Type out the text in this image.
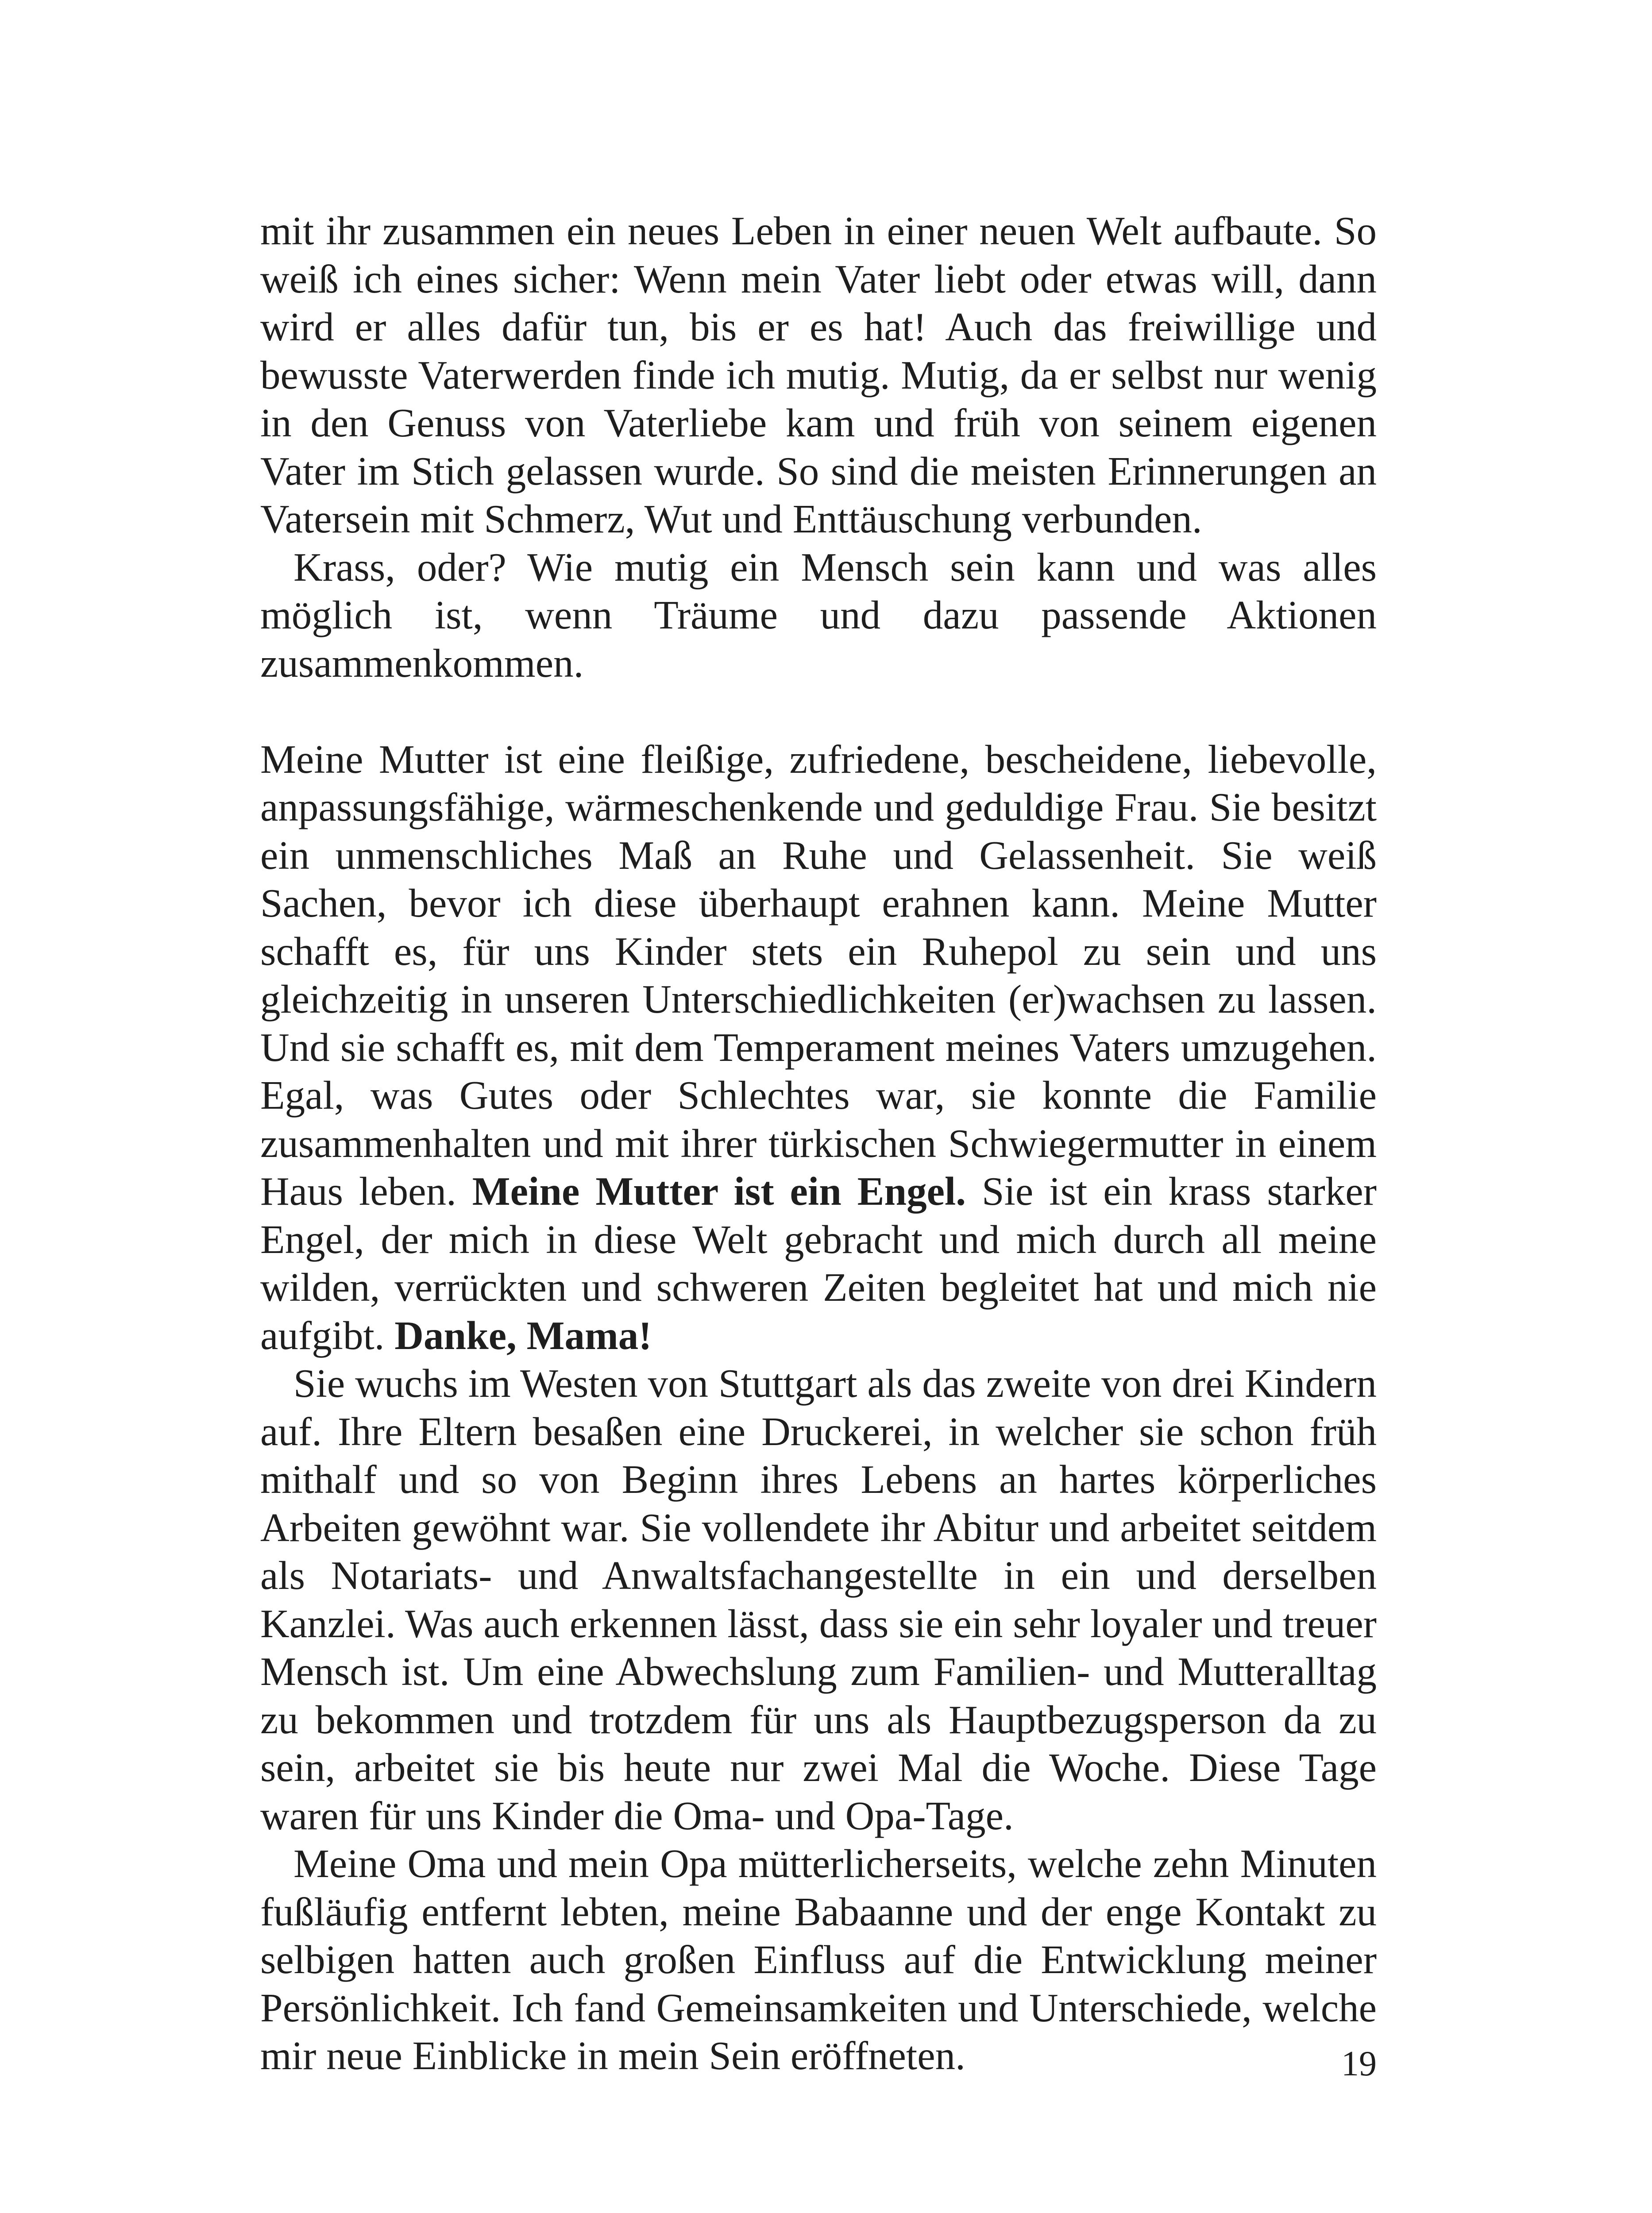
mit ihr zusammen ein neues Leben in einer neuen Welt aufbaute. So weiß ich eines sicher: Wenn mein Vater liebt oder etwas will, dann wird er alles dafür tun, bis er es hat! Auch das freiwillige und bewusste Vaterwerden finde ich mutig. Mutig, da er selbst nur wenig in den Genuss von Vaterliebe kam und früh von seinem eigenen Vater im Stich gelassen wurde. So sind die meisten Erinnerungen an Vatersein mit Schmerz, Wut und Enttäuschung verbunden.

Krass, oder? Wie mutig ein Mensch sein kann und was alles möglich ist, wenn Träume und dazu passende Aktionen zusammenkommen.

Meine Mutter ist eine fleißige, zufriedene, bescheidene, liebevolle, anpassungsfähige, wärmeschenkende und geduldige Frau. Sie besitzt ein unmenschliches Maß an Ruhe und Gelassenheit. Sie weiß Sachen, bevor ich diese überhaupt erahnen kann. Meine Mutter schafft es, für uns Kinder stets ein Ruhepol zu sein und uns gleichzeitig in unseren Unterschiedlichkeiten (er)wachsen zu lassen. Und sie schafft es, mit dem Temperament meines Vaters umzugehen. Egal, was Gutes oder Schlechtes war, sie konnte die Familie zusammenhalten und mit ihrer türkischen Schwiegermutter in einem Haus leben. Meine Mutter ist ein Engel. Sie ist ein krass starker Engel, der mich in diese Welt gebracht und mich durch all meine wilden, verrückten und schweren Zeiten begleitet hat und mich nie aufgibt. Danke, Mama!

Sie wuchs im Westen von Stuttgart als das zweite von drei Kindern auf. Ihre Eltern besaßen eine Druckerei, in welcher sie schon früh mithalf und so von Beginn ihres Lebens an hartes körperliches Arbeiten gewöhnt war. Sie vollendete ihr Abitur und arbeitet seitdem als Notariats- und Anwaltsfachangestellte in ein und derselben Kanzlei. Was auch erkennen lässt, dass sie ein sehr loyaler und treuer Mensch ist. Um eine Abwechslung zum Familien- und Mutteralltag zu bekommen und trotzdem für uns als Hauptbezugsperson da zu sein, arbeitet sie bis heute nur zwei Mal die Woche. Diese Tage waren für uns Kinder die Oma- und Opa-Tage.

Meine Oma und mein Opa mütterlicherseits, welche zehn Minuten fußläufig entfernt lebten, meine Babaanne und der enge Kontakt zu selbigen hatten auch großen Einfluss auf die Entwicklung meiner Persönlichkeit. Ich fand Gemeinsamkeiten und Unterschiede, welche mir neue Einblicke in mein Sein eröffneten.	19
